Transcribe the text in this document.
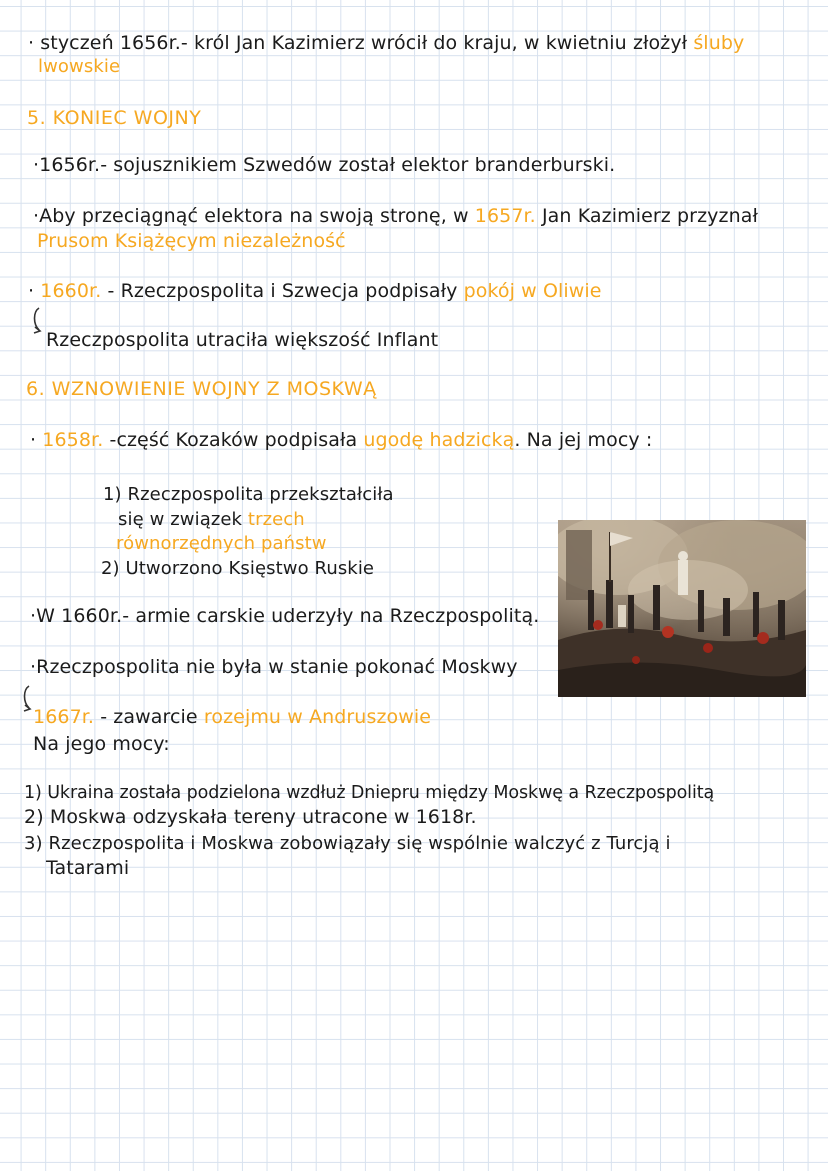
· styczeń 1656r.- król Jan Kazimierz wrócił do kraju, w kwietniu złożył śluby
lwowskie
5. KONIEC WOJNY
·1656r.- sojusznikiem Szwedów został elektor branderburski.
·Aby przeciągnąć elektora na swoją stronę, w 1657r. Jan Kazimierz przyznał
Prusom Książęcym niezależność
· 1660r. - Rzeczpospolita i Szwecja podpisały pokój w Oliwie
Rzeczpospolita utraciła większość Inflant
6. WZNOWIENIE WOJNY Z MOSKWĄ
· 1658r. -część Kozaków podpisała ugodę hadzicką. Na jej mocy :
1) Rzeczpospolita przekształciła
się w związek trzech
równorzędnych państw
2) Utworzono Księstwo Ruskie
·W 1660r.- armie carskie uderzyły na Rzeczpospolitą.
·Rzeczpospolita nie była w stanie pokonać Moskwy
1667r. - zawarcie rozejmu w Andruszowie
Na jego mocy:
1) Ukraina została podzielona wzdłuż Dniepru między Moskwę a Rzeczpospolitą
2) Moskwa odzyskała tereny utracone w 1618r.
3) Rzeczpospolita i Moskwa zobowiązały się wspólnie walczyć z Turcją i
Tatarami
